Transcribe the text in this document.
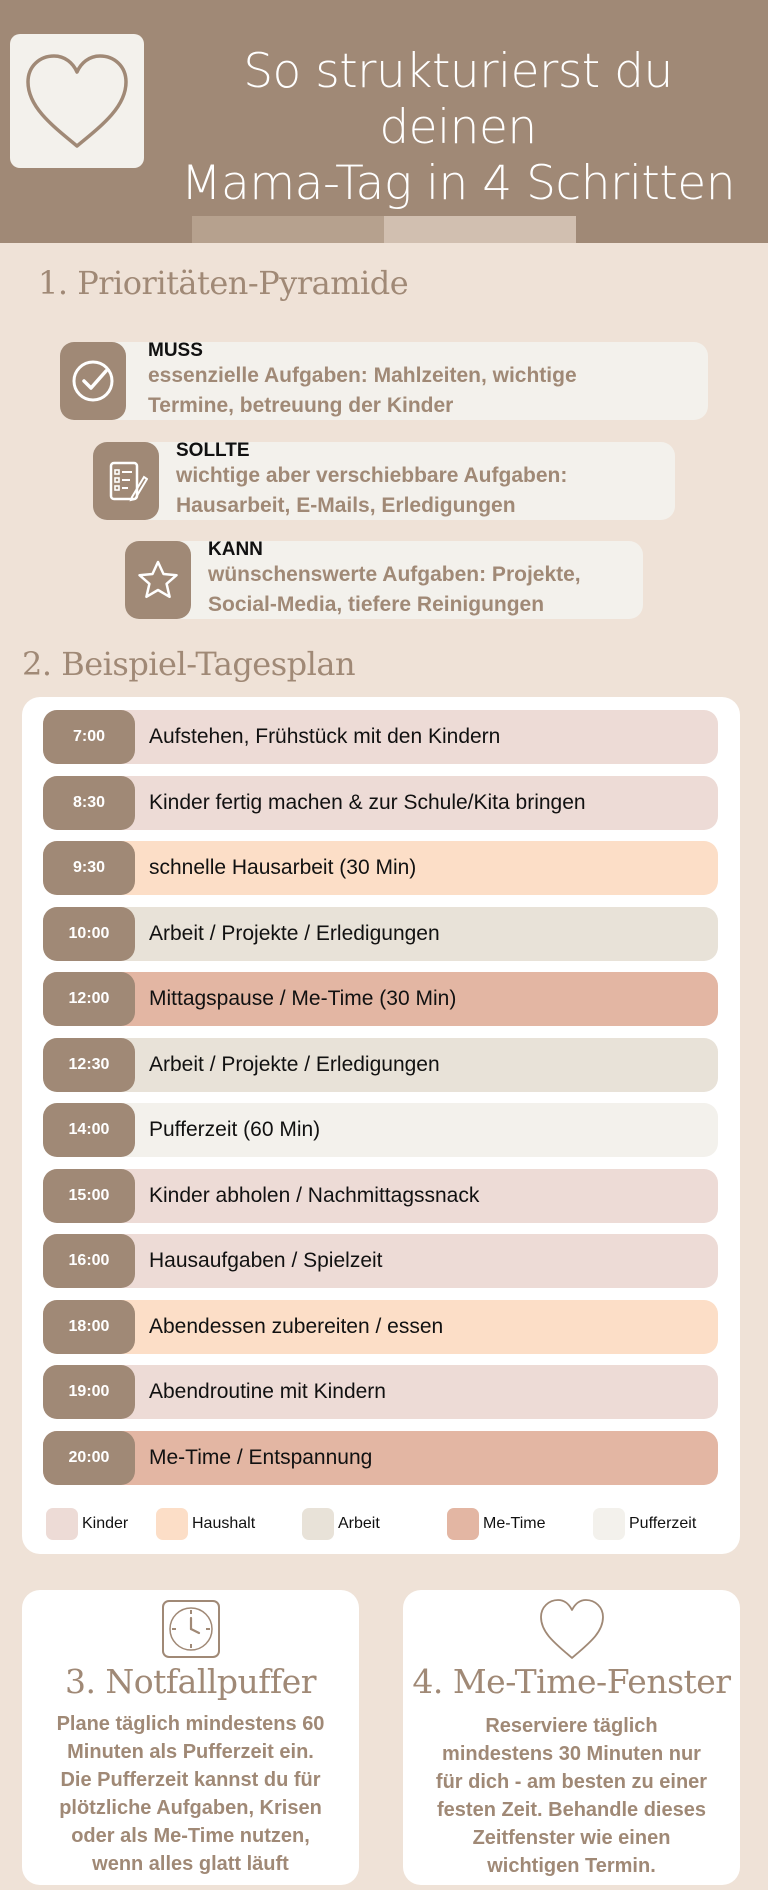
So strukturierst du deinen
Mama-Tag in 4 Schritten
1. Prioritäten-Pyramide
MUSS
essenzielle Aufgaben: Mahlzeiten, wichtige
Termine, betreuung der Kinder
SOLLTE
wichtige aber verschiebbare Aufgaben:
Hausarbeit, E-Mails, Erledigungen
KANN
wünschenswerte Aufgaben: Projekte,
Social-Media, tiefere Reinigungen
2. Beispiel-Tagesplan
7:00	Aufstehen, Frühstück mit den Kindern
8:30	Kinder fertig machen & zur Schule/Kita bringen
9:30	schnelle Hausarbeit (30 Min)
10:00	Arbeit / Projekte / Erledigungen
12:00	Mittagspause / Me-Time (30 Min)
12:30	Arbeit / Projekte / Erledigungen
14:00	Pufferzeit (60 Min)
15:00	Kinder abholen / Nachmittagssnack
16:00	Hausaufgaben / Spielzeit
18:00	Abendessen zubereiten / essen
19:00	Abendroutine mit Kindern
20:00	Me-Time / Entspannung
Kinder	Haushalt	Arbeit	Me-Time	Pufferzeit
3. Notfallpuffer
Plane täglich mindestens 60
Minuten als Pufferzeit ein.
Die Pufferzeit kannst du für
plötzliche Aufgaben, Krisen
oder als Me-Time nutzen,
wenn alles glatt läuft
4. Me-Time-Fenster
Reserviere täglich
mindestens 30 Minuten nur
für dich - am besten zu einer
festen Zeit. Behandle dieses
Zeitfenster wie einen
wichtigen Termin.
